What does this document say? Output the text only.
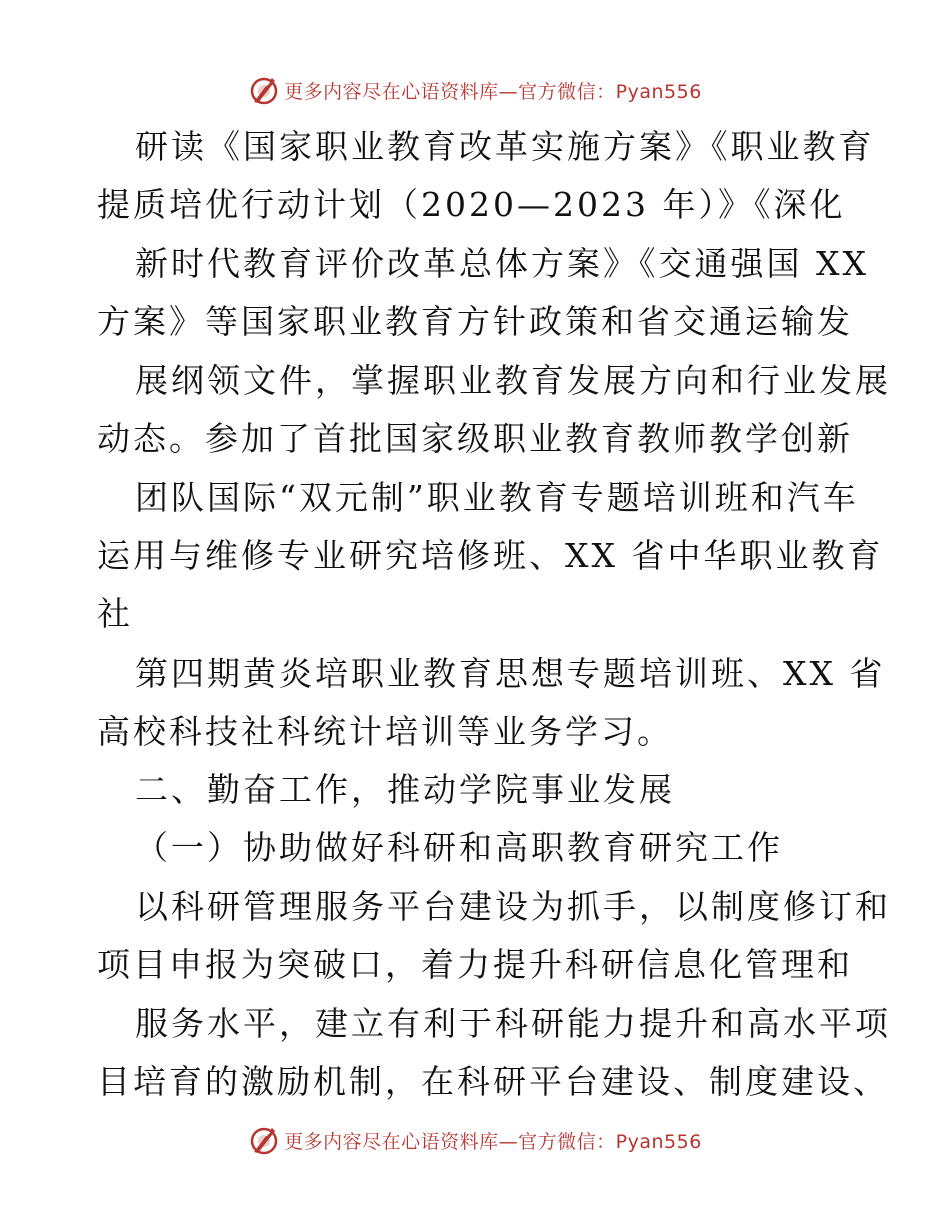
更多内容尽在心语资料库—官方微信：Pyan556
研读《国家职业教育改革实施方案》《职业教育
提质培优行动计划（2020—2023 年）》《深化
新时代教育评价改革总体方案》《交通强国 XX
方案》等国家职业教育方针政策和省交通运输发
展纲领文件，掌握职业教育发展方向和行业发展
动态。参加了首批国家级职业教育教师教学创新
团队国际“双元制”职业教育专题培训班和汽车
运用与维修专业研究培修班、XX 省中华职业教育
社
第四期黄炎培职业教育思想专题培训班、XX 省
高校科技社科统计培训等业务学习。
二、勤奋工作，推动学院事业发展
（一）协助做好科研和高职教育研究工作
以科研管理服务平台建设为抓手，以制度修订和
项目申报为突破口，着力提升科研信息化管理和
服务水平，建立有利于科研能力提升和高水平项
目培育的激励机制，在科研平台建设、制度建设、
更多内容尽在心语资料库—官方微信：Pyan556
